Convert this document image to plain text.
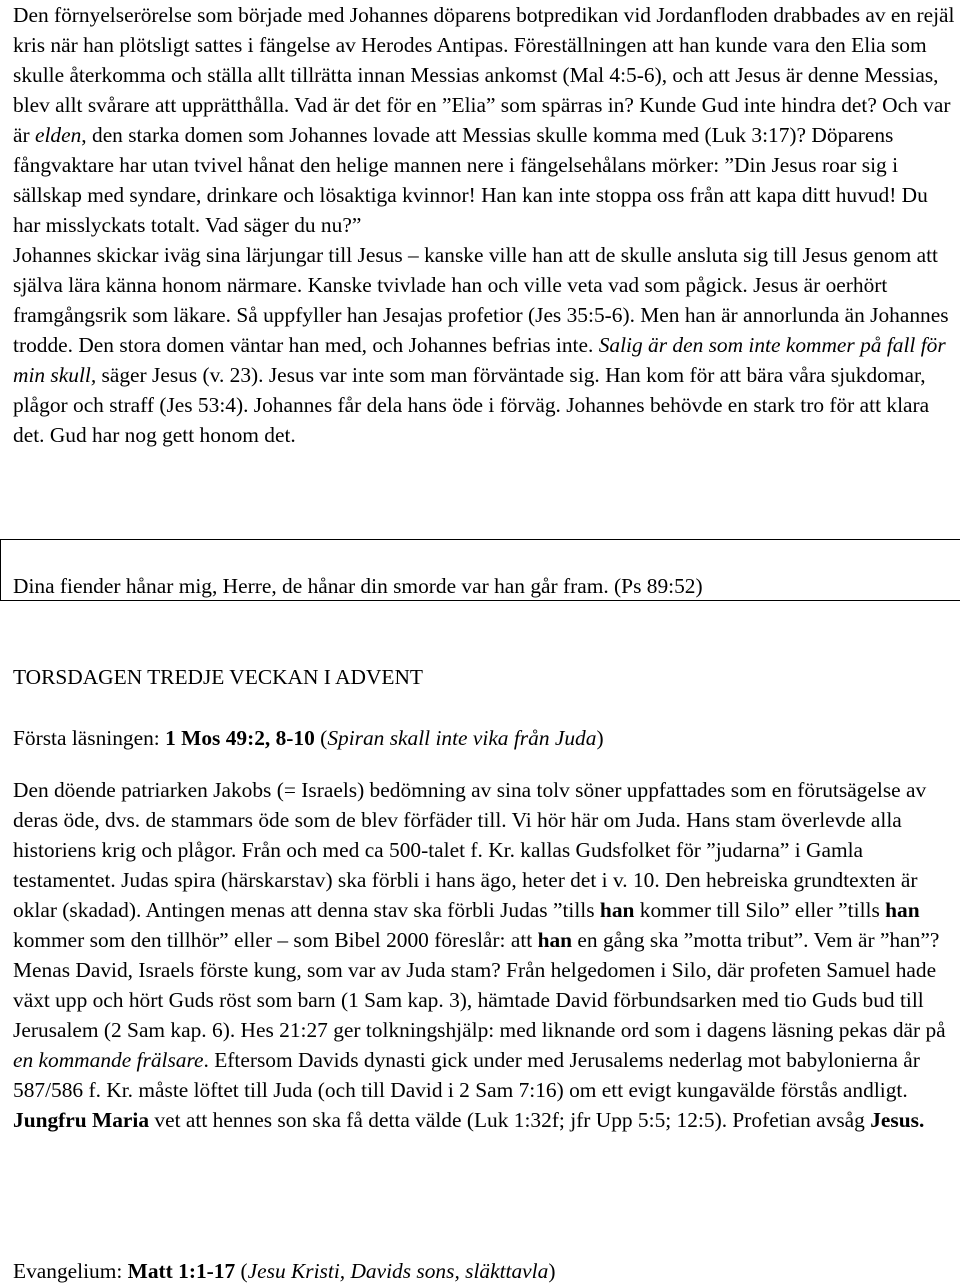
Den förnyelserörelse som började med Johannes döparens botpredikan vid Jordanfloden drabbades av en rejäl kris när han plötsligt sattes i fängelse av Herodes Antipas. Föreställningen att han kunde vara den Elia som skulle återkomma och ställa allt tillrätta innan Messias ankomst (Mal 4:5-6), och att Jesus är denne Messias, blev allt svårare att upprätthålla. Vad är det för en ”Elia” som spärras in? Kunde Gud inte hindra det? Och var är elden, den starka domen som Johannes lovade att Messias skulle komma med (Luk 3:17)? Döparens fångvaktare har utan tvivel hånat den helige mannen nere i fängelsehålans mörker: ”Din Jesus roar sig i sällskap med syndare, drinkare och lösaktiga kvinnor! Han kan inte stoppa oss från att kapa ditt huvud! Du har misslyckats totalt. Vad säger du nu?”
Johannes skickar iväg sina lärjungar till Jesus – kanske ville han att de skulle ansluta sig till Jesus genom att själva lära känna honom närmare. Kanske tvivlade han och ville veta vad som pågick. Jesus är oerhört framgångsrik som läkare. Så uppfyller han Jesajas profetior (Jes 35:5-6). Men han är annorlunda än Johannes trodde. Den stora domen väntar han med, och Johannes befrias inte. Salig är den som inte kommer på fall för min skull, säger Jesus (v. 23). Jesus var inte som man förväntade sig. Han kom för att bära våra sjukdomar, plågor och straff (Jes 53:4). Johannes får dela hans öde i förväg. Johannes behövde en stark tro för att klara det. Gud har nog gett honom det.

Dina fiender hånar mig, Herre, de hånar din smorde var han går fram. (Ps 89:52)
TORSDAGEN TREDJE VECKAN I ADVENT
Första läsningen: 1 Mos 49:2, 8-10 (Spiran skall inte vika från Juda)

Den döende patriarken Jakobs (= Israels) bedömning av sina tolv söner uppfattades som en förutsägelse av deras öde, dvs. de stammars öde som de blev förfäder till. Vi hör här om Juda. Hans stam överlevde alla historiens krig och plågor. Från och med ca 500-talet f. Kr. kallas Gudsfolket för ”judarna” i Gamla testamentet. Judas spira (härskarstav) ska förbli i hans ägo, heter det i v. 10. Den hebreiska grundtexten är oklar (skadad). Antingen menas att denna stav ska förbli Judas ”tills han kommer till Silo” eller ”tills han kommer som den tillhör” eller – som Bibel 2000 föreslår: att han en gång ska ”motta tribut”. Vem är ”han”? Menas David, Israels förste kung, som var av Juda stam? Från helgedomen i Silo, där profeten Samuel hade växt upp och hört Guds röst som barn (1 Sam kap. 3), hämtade David förbundsarken med tio Guds bud till Jerusalem (2 Sam kap. 6). Hes 21:27 ger tolkningshjälp: med liknande ord som i dagens läsning pekas där på en kommande frälsare. Eftersom Davids dynasti gick under med Jerusalems nederlag mot babylonierna år 587/586 f. Kr. måste löftet till Juda (och till David i 2 Sam 7:16) om ett evigt kungavälde förstås andligt. Jungfru Maria vet att hennes son ska få detta välde (Luk 1:32f; jfr Upp 5:5; 12:5). Profetian avsåg Jesus.

Evangelium: Matt 1:1-17 (Jesu Kristi, Davids sons, släkttavla)
